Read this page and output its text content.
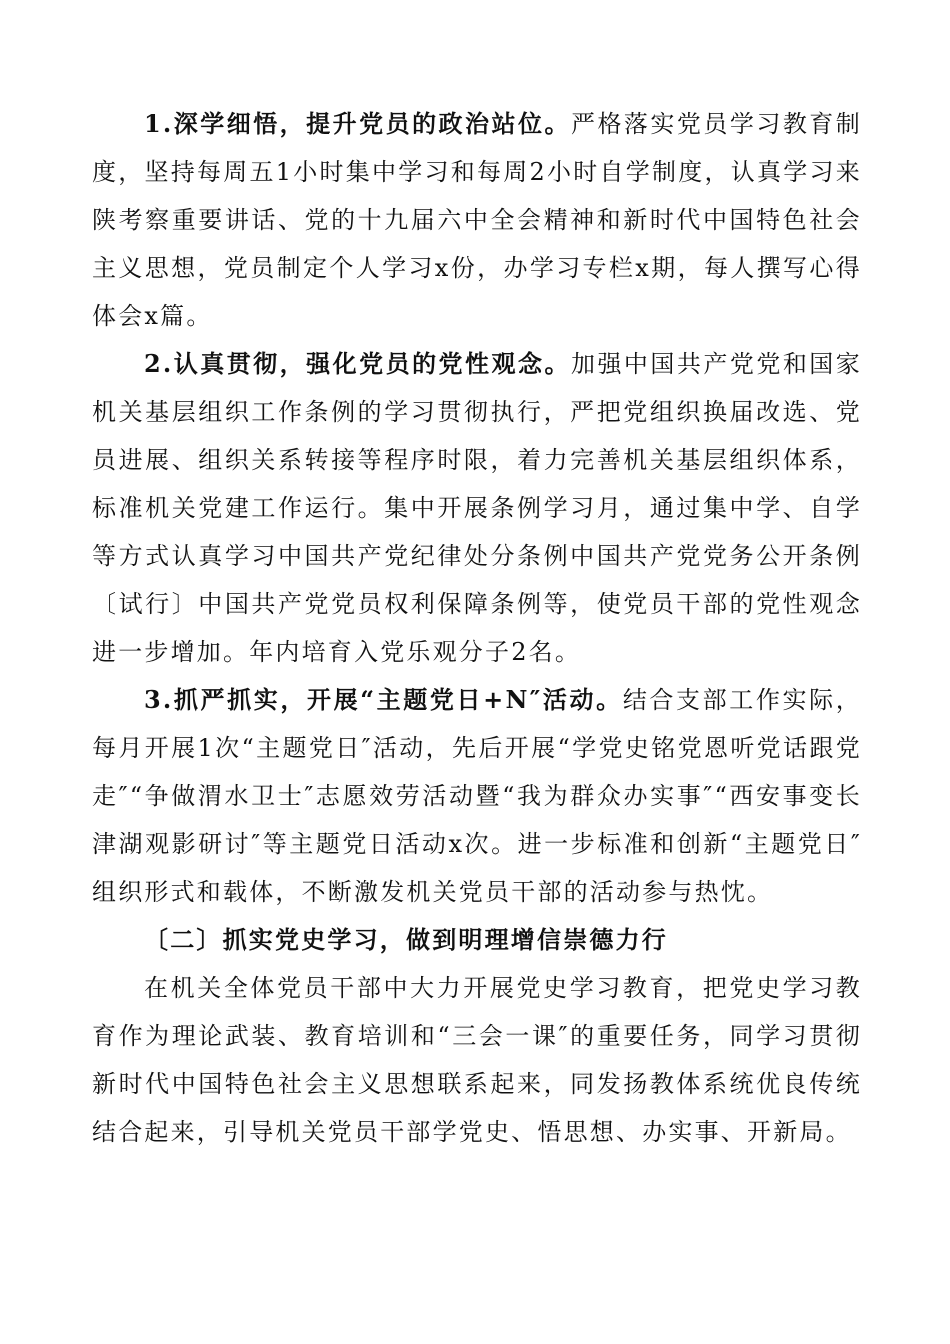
1.深学细悟，提升党员的政治站位。严格落实党员学习教育制度，坚持每周五1小时集中学习和每周2小时自学制度，认真学习来陕考察重要讲话、党的十九届六中全会精神和新时代中国特色社会主义思想，党员制定个人学习x份，办学习专栏x期，每人撰写心得体会x篇。

2.认真贯彻，强化党员的党性观念。加强中国共产党党和国家机关基层组织工作条例的学习贯彻执行，严把党组织换届改选、党员进展、组织关系转接等程序时限，着力完善机关基层组织体系，标准机关党建工作运行。集中开展条例学习月，通过集中学、自学等方式认真学习中国共产党纪律处分条例中国共产党党务公开条例〔试行〕中国共产党党员权利保障条例等，使党员干部的党性观念进一步增加。年内培育入党乐观分子2名。

3.抓严抓实，开展“主题党日+N″活动。结合支部工作实际，每月开展1次“主题党日″活动，先后开展“学党史铭党恩听党话跟党走″“争做渭水卫士″志愿效劳活动暨“我为群众办实事″“西安事变长津湖观影研讨″等主题党日活动x次。进一步标准和创新“主题党日″组织形式和载体，不断激发机关党员干部的活动参与热忱。

〔二〕抓实党史学习，做到明理增信崇德力行

在机关全体党员干部中大力开展党史学习教育，把党史学习教育作为理论武装、教育培训和“三会一课″的重要任务，同学习贯彻新时代中国特色社会主义思想联系起来，同发扬教体系统优良传统结合起来，引导机关党员干部学党史、悟思想、办实事、开新局。
